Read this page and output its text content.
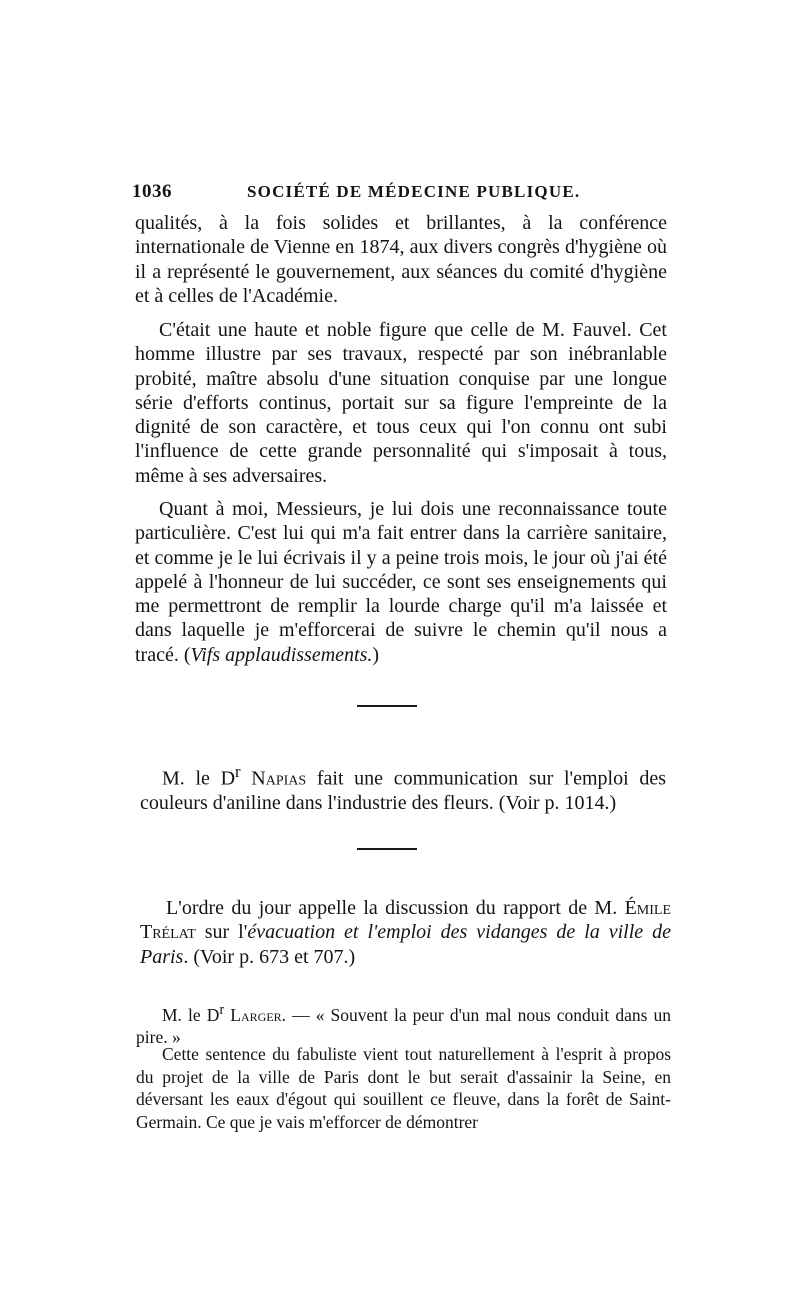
1036	SOCIÉTÉ DE MÉDECINE PUBLIQUE.

qualités, à la fois solides et brillantes, à la conférence internationale de Vienne en 1874, aux divers congrès d'hygiène où il a représenté le gouvernement, aux séances du comité d'hygiène et à celles de l'Académie.

C'était une haute et noble figure que celle de M. Fauvel. Cet homme illustre par ses travaux, respecté par son inébranlable probité, maître absolu d'une situation conquise par une longue série d'efforts continus, portait sur sa figure l'empreinte de la dignité de son caractère, et tous ceux qui l'on connu ont subi l'influence de cette grande personnalité qui s'imposait à tous, même à ses adversaires.

Quant à moi, Messieurs, je lui dois une reconnaissance toute particulière. C'est lui qui m'a fait entrer dans la carrière sanitaire, et comme je le lui écrivais il y a peine trois mois, le jour où j'ai été appelé à l'honneur de lui succéder, ce sont ses enseignements qui me permettront de remplir la lourde charge qu'il m'a laissée et dans laquelle je m'efforcerai de suivre le chemin qu'il nous a tracé. (Vifs applaudissements.)

M. le $D^r$ Napias fait une communication sur l'emploi des couleurs d'aniline dans l'industrie des fleurs. (Voir p. 1014.)

L'ordre du jour appelle la discussion du rapport de M. Émile Trélat sur l'évacuation et l'emploi des vidanges de la ville de Paris. (Voir p. 673 et 707.)

M. le $D^r$ Larger. — « Souvent la peur d'un mal nous conduit dans un pire. »

Cette sentence du fabuliste vient tout naturellement à l'esprit à propos du projet de la ville de Paris dont le but serait d'assainir la Seine, en déversant les eaux d'égout qui souillent ce fleuve, dans la forêt de Saint-Germain. Ce que je vais m'efforcer de démontrer
